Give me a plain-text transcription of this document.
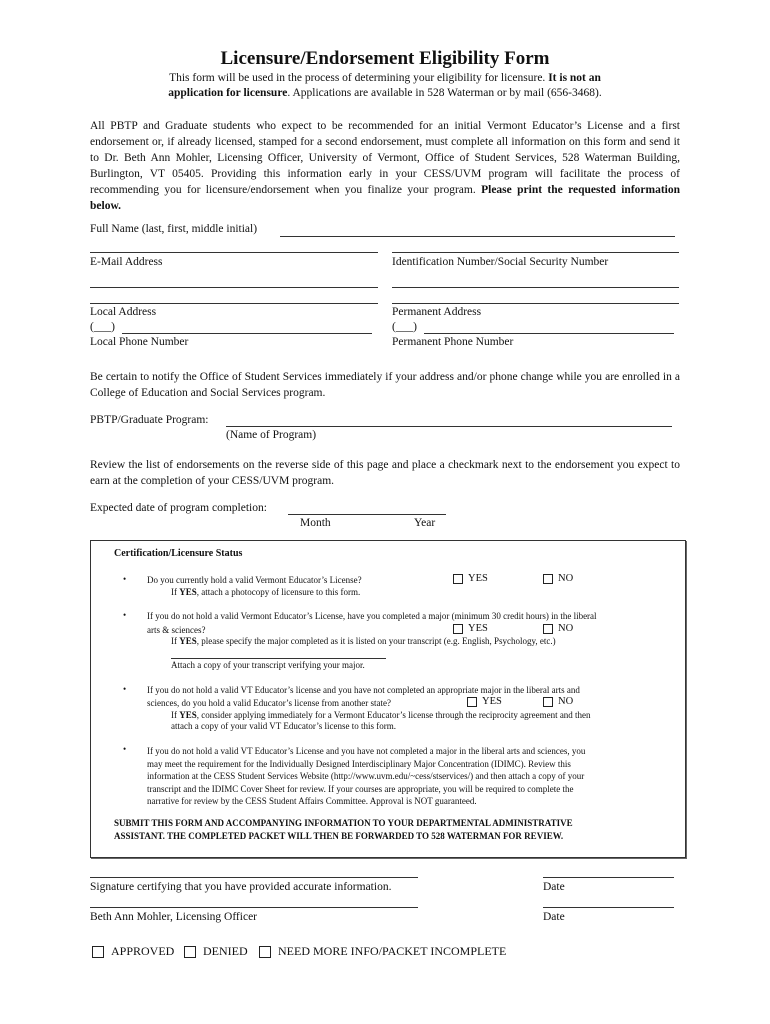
Licensure/Endorsement Eligibility Form
This form will be used in the process of determining your eligibility for licensure. It is not an
application for licensure. Applications are available in 528 Waterman or by mail (656-3468).
All PBTP and Graduate students who expect to be recommended for an initial Vermont Educator’s License and a first endorsement or, if already licensed, stamped for a second endorsement, must complete all information on this form and send it to Dr. Beth Ann Mohler, Licensing Officer, University of Vermont, Office of Student Services, 528 Waterman Building, Burlington, VT 05405. Providing this information early in your CESS/UVM program will facilitate the process of recommending you for licensure/endorsement when you finalize your program. Please print the requested information below.
Full Name (last, first, middle initial)
E-Mail Address	Identification Number/Social Security Number
Local Address	Permanent Address
(___)	(___)
Local Phone Number	Permanent Phone Number
Be certain to notify the Office of Student Services immediately if your address and/or phone change while you are enrolled in a College of Education and Social Services program.
PBTP/Graduate Program:
(Name of Program)
Review the list of endorsements on the reverse side of this page and place a checkmark next to the endorsement you expect to earn at the completion of your CESS/UVM program.
Expected date of program completion:
Month	Year
Certification/Licensure Status
• Do you currently hold a valid Vermont Educator’s License?	YES	NO
If YES, attach a photocopy of licensure to this form.
• If you do not hold a valid Vermont Educator’s License, have you completed a major (minimum 30 credit hours) in the liberal
arts & sciences?	YES	NO
If YES, please specify the major completed as it is listed on your transcript (e.g. English, Psychology, etc.)
Attach a copy of your transcript verifying your major.
• If you do not hold a valid VT Educator’s license and you have not completed an appropriate major in the liberal arts and
sciences, do you hold a valid Educator’s license from another state?	YES	NO
If YES, consider applying immediately for a Vermont Educator’s license through the reciprocity agreement and then
attach a copy of your valid VT Educator’s license to this form.
• If you do not hold a valid VT Educator’s License and you have not completed a major in the liberal arts and sciences, you
may meet the requirement for the Individually Designed Interdisciplinary Major Concentration (IDIMC). Review this
information at the CESS Student Services Website (http://www.uvm.edu/~cess/stservices/) and then attach a copy of your
transcript and the IDIMC Cover Sheet for review. If your courses are appropriate, you will be required to complete the
narrative for review by the CESS Student Affairs Committee. Approval is NOT guaranteed.
SUBMIT THIS FORM AND ACCOMPANYING INFORMATION TO YOUR DEPARTMENTAL ADMINISTRATIVE
ASSISTANT. THE COMPLETED PACKET WILL THEN BE FORWARDED TO 528 WATERMAN FOR REVIEW.
Signature certifying that you have provided accurate information.	Date
Beth Ann Mohler, Licensing Officer	Date
APPROVED	DENIED	NEED MORE INFO/PACKET INCOMPLETE
